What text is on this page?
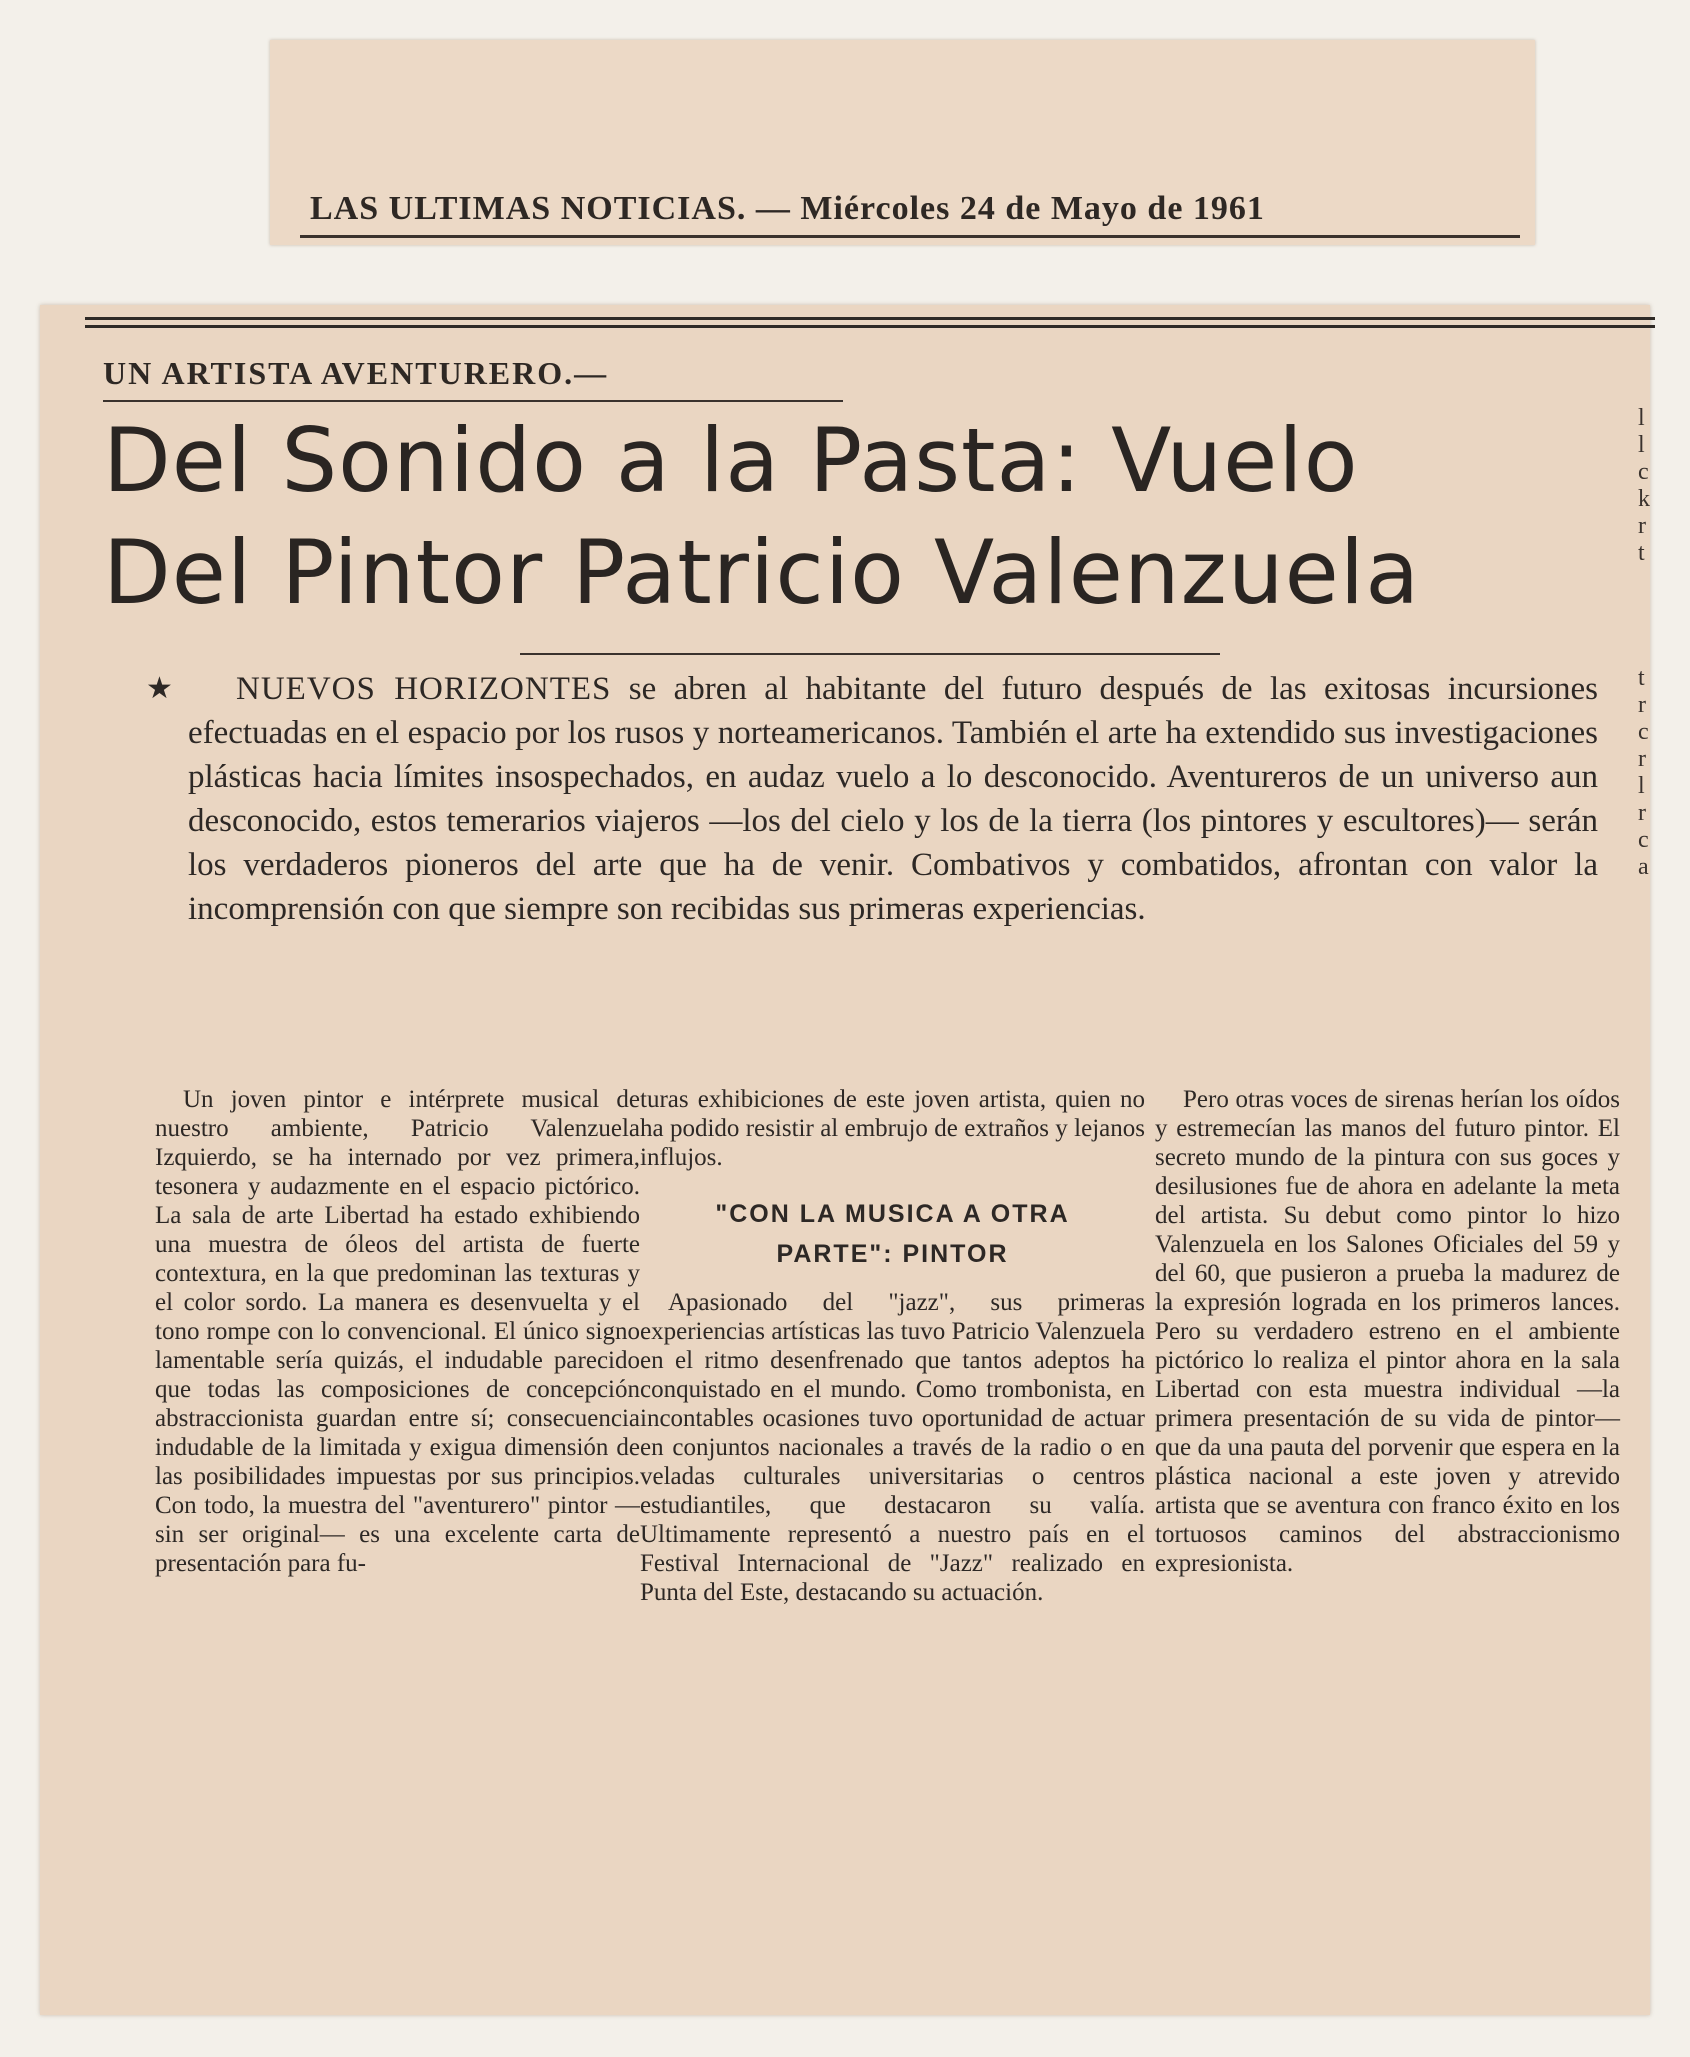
LAS ULTIMAS NOTICIAS. — Miércoles 24 de Mayo de 1961
UN ARTISTA AVENTURERO.—
Del Sonido a la Pasta: Vuelo
Del Pintor Patricio Valenzuela
★	NUEVOS HORIZONTES se abren al habitante del futuro después de las exitosas incursiones efectuadas en el espacio por los rusos y norteamericanos. También el arte ha extendido sus investigaciones plásticas hacia límites insospechados, en audaz vuelo a lo desconocido. Aventureros de un universo aun desconocido, estos temerarios viajeros —los del cielo y los de la tierra (los pintores y escultores)— serán los verdaderos pioneros del arte que ha de venir. Combativos y combatidos, afrontan con valor la incomprensión con que siempre son recibidas sus primeras experiencias.

Un joven pintor e intérprete musical de nuestro ambiente, Patricio Valenzuela Izquierdo, se ha internado por vez primera, tesonera y audazmente en el espacio pictórico. La sala de arte Libertad ha estado exhibiendo una muestra de óleos del artista de fuerte contextura, en la que predominan las texturas y el color sordo. La manera es desenvuelta y el tono rompe con lo convencional. El único signo lamentable sería quizás, el indudable parecido que todas las composiciones de concepción abstraccionista guardan entre sí; consecuencia indudable de la limitada y exigua dimensión de las posibilidades impuestas por sus principios. Con todo, la muestra del "aventurero" pintor —sin ser original— es una excelente carta de presentación para fu-

turas exhibiciones de este joven artista, quien no ha podido resistir al embrujo de extraños y lejanos influjos.

"CON LA MUSICA A OTRA
PARTE": PINTOR

Apasionado del "jazz", sus primeras experiencias artísticas las tuvo Patricio Valenzuela en el ritmo desenfrenado que tantos adeptos ha conquistado en el mundo. Como trombonista, en incontables ocasiones tuvo oportunidad de actuar en conjuntos nacionales a través de la radio o en veladas culturales universitarias o centros estudiantiles, que destacaron su valía. Ultimamente representó a nuestro país en el Festival Internacional de "Jazz" realizado en Punta del Este, destacando su actuación.

Pero otras voces de sirenas herían los oídos y estremecían las manos del futuro pintor. El secreto mundo de la pintura con sus goces y desilusiones fue de ahora en adelante la meta del artista. Su debut como pintor lo hizo Valenzuela en los Salones Oficiales del 59 y del 60, que pusieron a prueba la madurez de la expresión lograda en los primeros lances. Pero su verdadero estreno en el ambiente pictórico lo realiza el pintor ahora en la sala Libertad con esta muestra individual —la primera presentación de su vida de pintor— que da una pauta del porvenir que espera en la plástica nacional a este joven y atrevido artista que se aventura con franco éxito en los tortuosos caminos del abstraccionismo expresionista.

l
l
c
k
r
t
t
r
c
r
l
r
c
a
